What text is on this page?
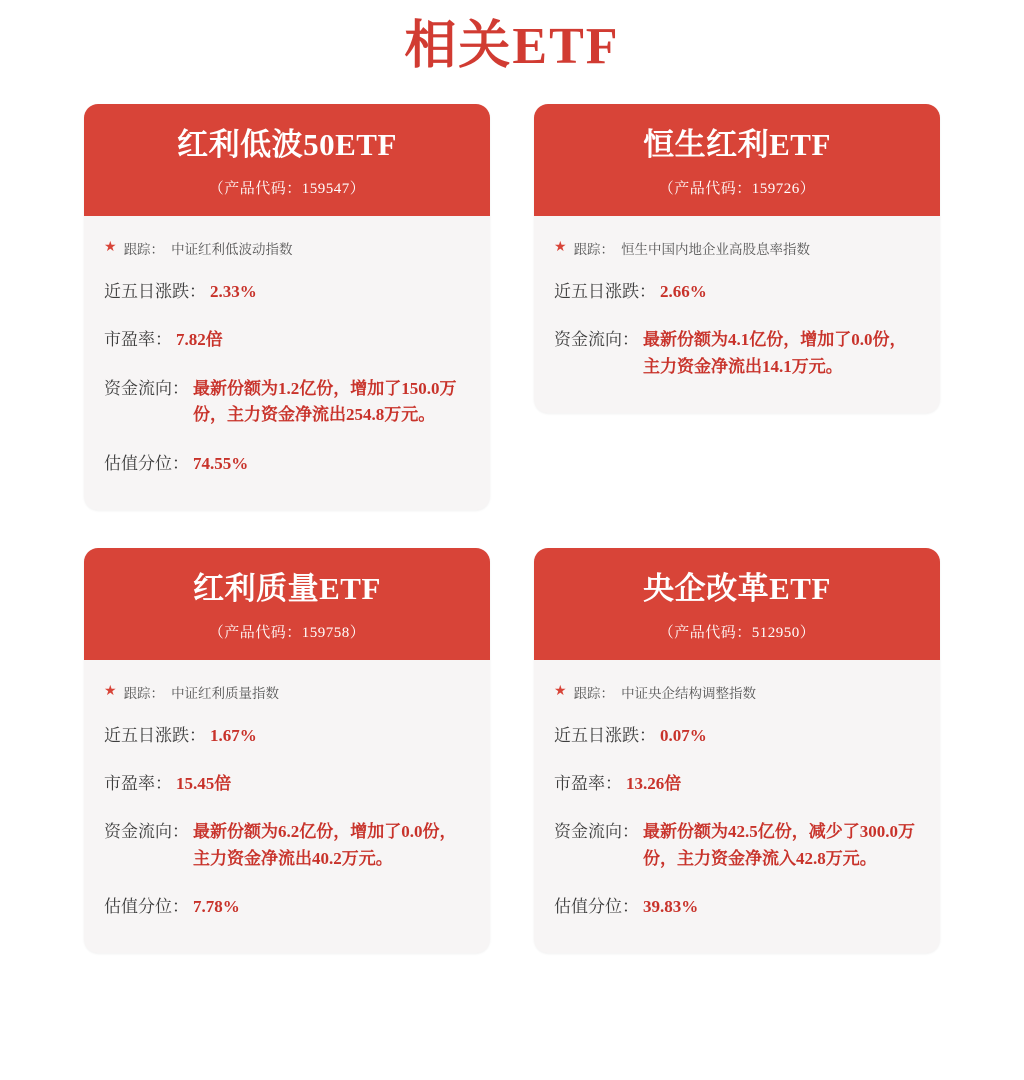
相关ETF
红利低波50ETF
（产品代码：159547）
★ 跟踪： 中证红利低波动指数
近五日涨跌： 2.33%
市盈率： 7.82倍
资金流向： 最新份额为1.2亿份，增加了150.0万份，主力资金净流出254.8万元。
估值分位： 74.55%
恒生红利ETF
（产品代码：159726）
★ 跟踪： 恒生中国内地企业高股息率指数
近五日涨跌： 2.66%
资金流向： 最新份额为4.1亿份，增加了0.0份，主力资金净流出14.1万元。
红利质量ETF
（产品代码：159758）
★ 跟踪： 中证红利质量指数
近五日涨跌： 1.67%
市盈率： 15.45倍
资金流向： 最新份额为6.2亿份，增加了0.0份，主力资金净流出40.2万元。
估值分位： 7.78%
央企改革ETF
（产品代码：512950）
★ 跟踪： 中证央企结构调整指数
近五日涨跌： 0.07%
市盈率： 13.26倍
资金流向： 最新份额为42.5亿份，减少了300.0万份，主力资金净流入42.8万元。
估值分位： 39.83%
